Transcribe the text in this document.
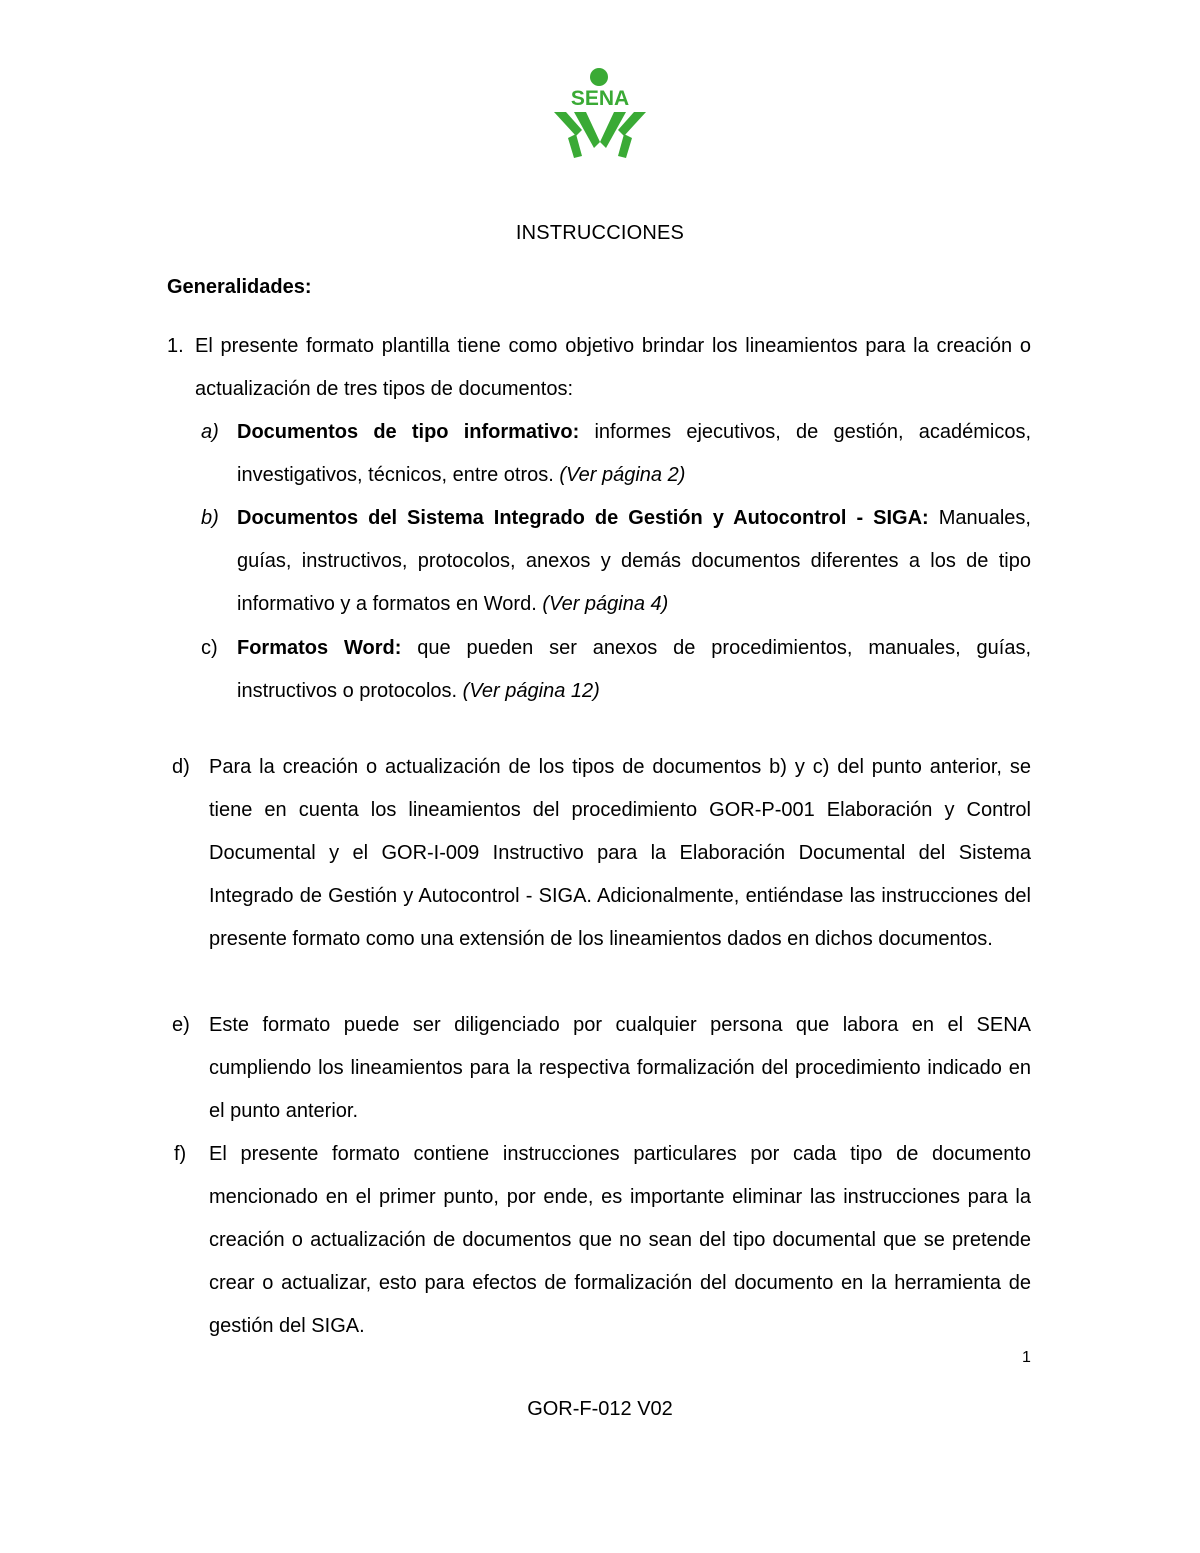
SENA
INSTRUCCIONES
Generalidades:
1. El presente formato plantilla tiene como objetivo brindar los lineamientos para la creación o actualización de tres tipos de documentos:
a) Documentos de tipo informativo: informes ejecutivos, de gestión, académicos, investigativos, técnicos, entre otros. (Ver página 2)
b) Documentos del Sistema Integrado de Gestión y Autocontrol - SIGA: Manuales, guías, instructivos, protocolos, anexos y demás documentos diferentes a los de tipo informativo y a formatos en Word. (Ver página 4)
c) Formatos Word: que pueden ser anexos de procedimientos, manuales, guías, instructivos o protocolos. (Ver página 12)
d) Para la creación o actualización de los tipos de documentos b) y c) del punto anterior, se tiene en cuenta los lineamientos del procedimiento GOR-P-001 Elaboración y Control Documental y el GOR-I-009 Instructivo para la Elaboración Documental del Sistema Integrado de Gestión y Autocontrol - SIGA. Adicionalmente, entiéndase las instrucciones del presente formato como una extensión de los lineamientos dados en dichos documentos.
e) Este formato puede ser diligenciado por cualquier persona que labora en el SENA cumpliendo los lineamientos para la respectiva formalización del procedimiento indicado en el punto anterior.
f) El presente formato contiene instrucciones particulares por cada tipo de documento mencionado en el primer punto, por ende, es importante eliminar las instrucciones para la creación o actualización de documentos que no sean del tipo documental que se pretende crear o actualizar, esto para efectos de formalización del documento en la herramienta de gestión del SIGA.
1
GOR-F-012 V02
